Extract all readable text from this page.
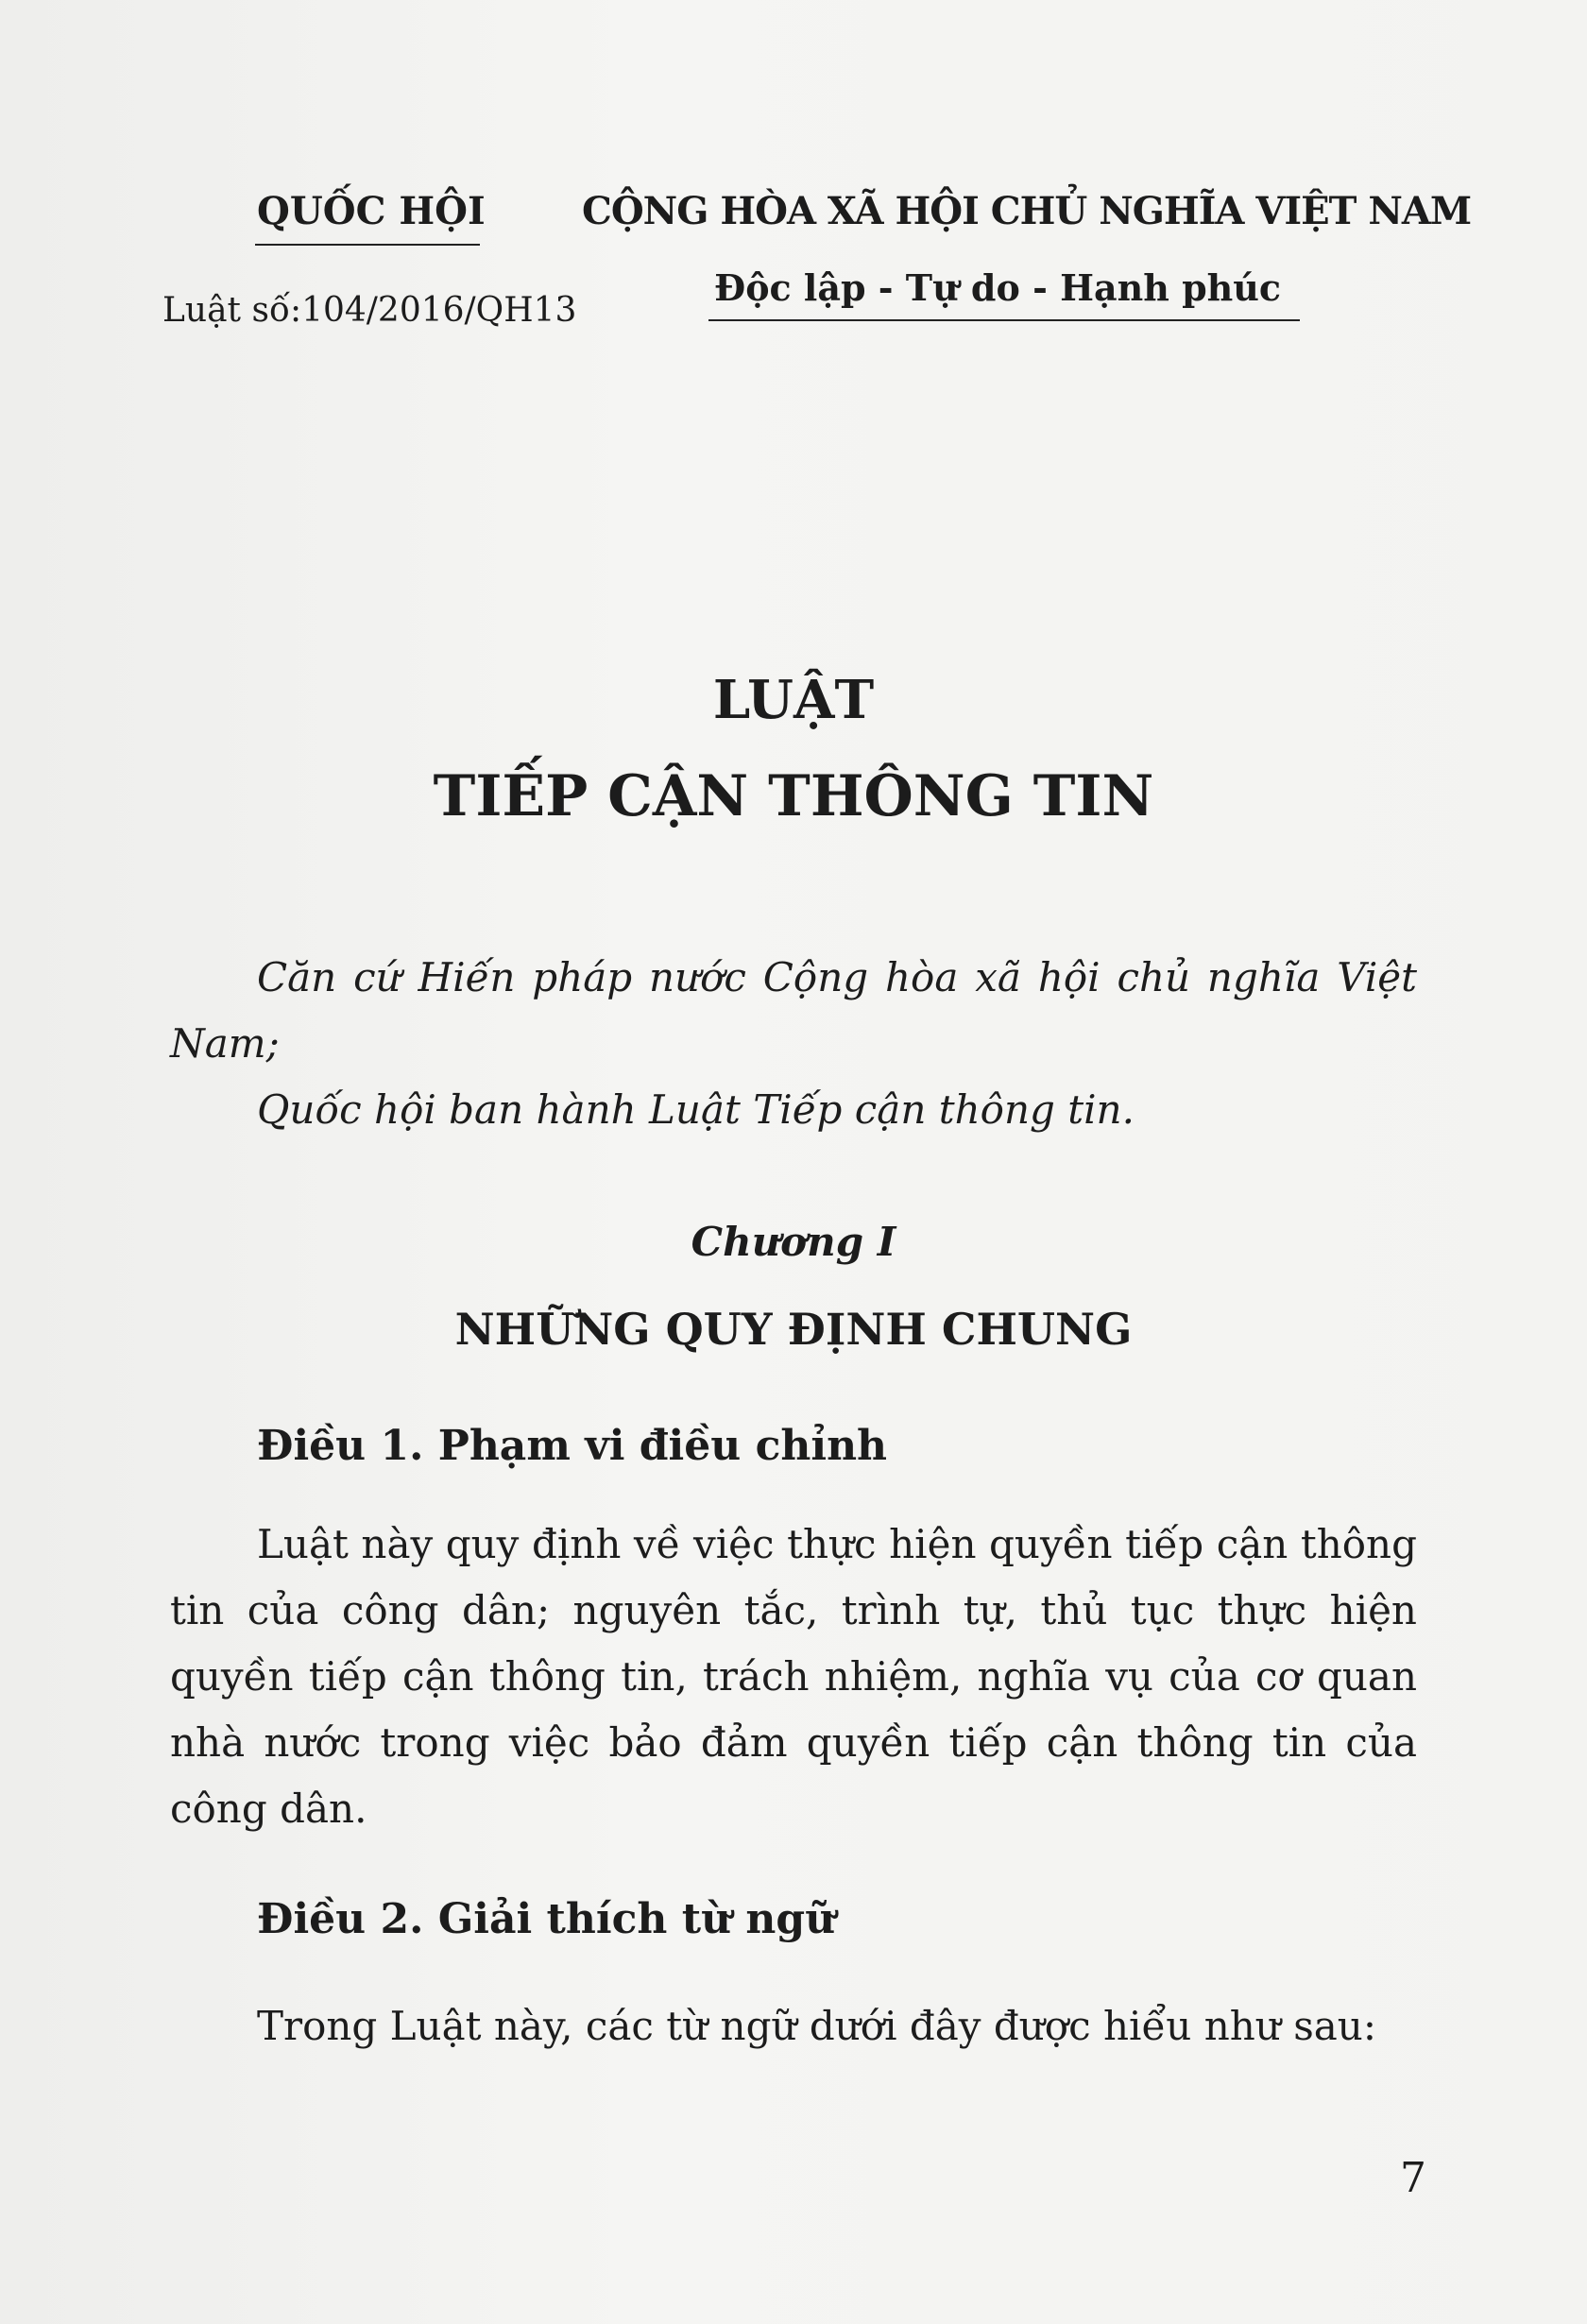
QUỐC HỘI	CỘNG HÒA XÃ HỘI CHỦ NGHĨA VIỆT NAM
Luật số:104/2016/QH13
Độc lập - Tự do - Hạnh phúc
LUẬT
TIẾP CẬN THÔNG TIN
Căn cứ Hiến pháp nước Cộng hòa xã hội chủ nghĩa Việt Nam;
Quốc hội ban hành Luật Tiếp cận thông tin.
Chương I
NHỮNG QUY ĐỊNH CHUNG
Điều 1. Phạm vi điều chỉnh
Luật này quy định về việc thực hiện quyền tiếp cận thông tin của công dân; nguyên tắc, trình tự, thủ tục thực hiện quyền tiếp cận thông tin, trách nhiệm, nghĩa vụ của cơ quan nhà nước trong việc bảo đảm quyền tiếp cận thông tin của công dân.
Điều 2. Giải thích từ ngữ
Trong Luật này, các từ ngữ dưới đây được hiểu như sau:
7
